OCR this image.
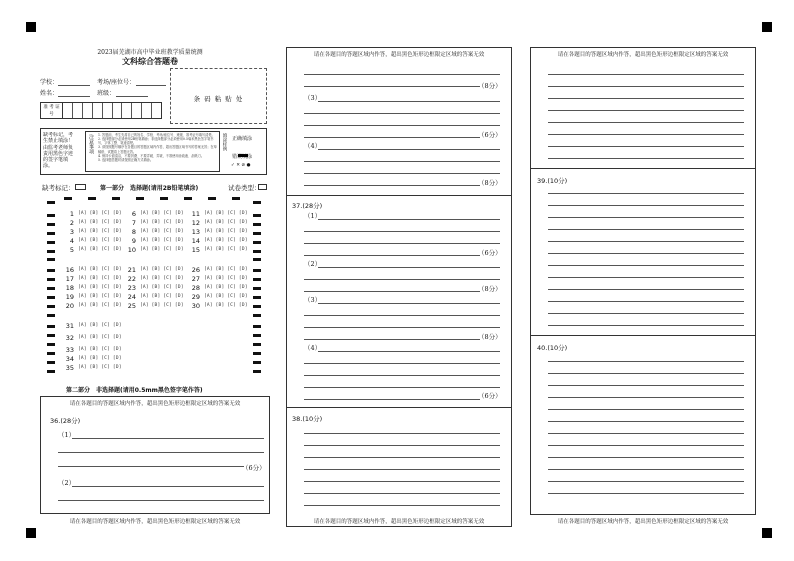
2023届芜湖市高中毕业班教学质量统测
文科综合答题卷
学校：	考场/座位号：
姓名：	班级：
准 考 证 号
条 码 粘 贴 处
缺考标记，考生禁止填涂！由监考老师负责用黑色字迹的签字笔填涂。
注意事项	1. 答题前，考生先将自己的姓名、学校、考场/座位号、班级、准考证号填写清楚。
2. 选择题部分必须使用2B铅笔填涂；非选择题部分必须使用0.5毫米黑色签字笔书写，字体工整、笔迹清楚。
3. 请按照题号顺序在各题目的答题区域内作答，超出答题区域书写的答案无效；在草稿纸、试题卷上答题无效。
4. 保持卡面清洁，不要折叠、不要弄破、弄皱，不准使用涂改液、刮纸刀。
5. 选择题答题时请按照正确方式填涂。
填涂样例 正确填涂
错误填涂
✓ ✕ ⊘ ●
缺考标记：	第一部分　选择题(请用2B铅笔填涂)	试卷类型：
1 [A] [B] [C] [D]
2 [A] [B] [C] [D]
3 [A] [B] [C] [D]
4 [A] [B] [C] [D]
5 [A] [B] [C] [D]
6 [A] [B] [C] [D]
7 [A] [B] [C] [D]
8 [A] [B] [C] [D]
9 [A] [B] [C] [D]
10 [A] [B] [C] [D]
11 [A] [B] [C] [D]
12 [A] [B] [C] [D]
13 [A] [B] [C] [D]
14 [A] [B] [C] [D]
15 [A] [B] [C] [D]
16 [A] [B] [C] [D]
17 [A] [B] [C] [D]
18 [A] [B] [C] [D]
19 [A] [B] [C] [D]
20 [A] [B] [C] [D]
21 [A] [B] [C] [D]
22 [A] [B] [C] [D]
23 [A] [B] [C] [D]
24 [A] [B] [C] [D]
25 [A] [B] [C] [D]
26 [A] [B] [C] [D]
27 [A] [B] [C] [D]
28 [A] [B] [C] [D]
29 [A] [B] [C] [D]
30 [A] [B] [C] [D]
31 [A] [B] [C] [D]
32 [A] [B] [C] [D]
33 [A] [B] [C] [D]
34 [A] [B] [C] [D]
35 [A] [B] [C] [D]
第二部分　非选择题(请用0.5mm黑色签字笔作答)
请在各题目的答题区域内作答，超出黑色矩形边框限定区域的答案无效
36.(28分)
（1）
（6分）
（2）
请在各题目的答题区域内作答，超出黑色矩形边框限定区域的答案无效
请在各题目的答题区域内作答，超出黑色矩形边框限定区域的答案无效
（8分）
（3）
（6分）
（4）
（8分）
37.(28分)
（1）
（6分）
（2）
（8分）
（3）
（8分）
（4）
（6分）
38.(10分)
请在各题目的答题区域内作答，超出黑色矩形边框限定区域的答案无效
请在各题目的答题区域内作答，超出黑色矩形边框限定区域的答案无效
39.(10分)
40.(10分)
请在各题目的答题区域内作答，超出黑色矩形边框限定区域的答案无效
